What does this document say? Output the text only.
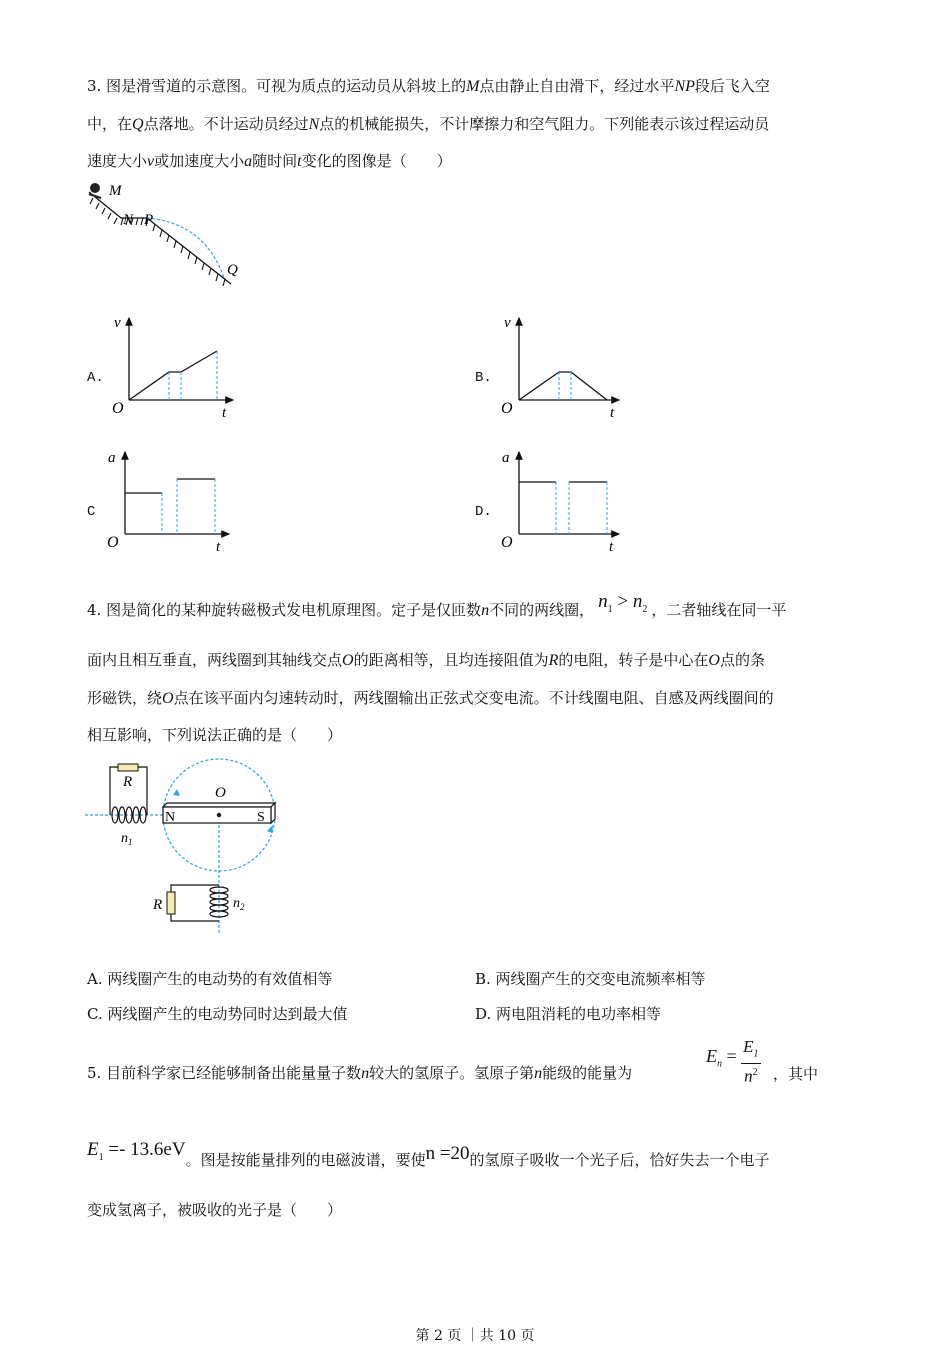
3. 图是滑雪道的示意图。可视为质点的运动员从斜坡上的M点由静止自由滑下，经过水平NP段后飞入空
中，在Q点落地。不计运动员经过N点的机械能损失，不计摩擦力和空气阻力。下列能表示该过程运动员
速度大小v或加速度大小a随时间t变化的图像是（　　）
M
N P
Q
A.
v
O	t
B.
v
O	t
C
a
O	t
D.
a
O	t
4. 图是简化的某种旋转磁极式发电机原理图。定子是仅匝数n不同的两线圈， $n_1 > n_2$ ，二者轴线在同一平
面内且相互垂直，两线圈到其轴线交点O的距离相等，且均连接阻值为R的电阻，转子是中心在O点的条
形磁铁，绕O点在该平面内匀速转动时，两线圈输出正弦式交变电流。不计线圈电阻、自感及两线圈间的
相互影响，下列说法正确的是（　　）
N	S
O
R
$n_1$
R	$n_2$
A. 两线圈产生的电动势的有效值相等	B. 两线圈产生的交变电流频率相等
C. 两线圈产生的电动势同时达到最大值	D. 两电阻消耗的电功率相等
5. 目前科学家已经能够制备出能量量子数n较大的氢原子。氢原子第n能级的能量为
$E_n = \frac{E_1}{n^2}$ ，其中
$E_1 =- 13.6eV$。图是按能量排列的电磁波谱，要使n =20的氢原子吸收一个光子后，恰好失去一个电子
变成氢离子，被吸收的光子是（　　）
第 2 页 ｜共 10 页
